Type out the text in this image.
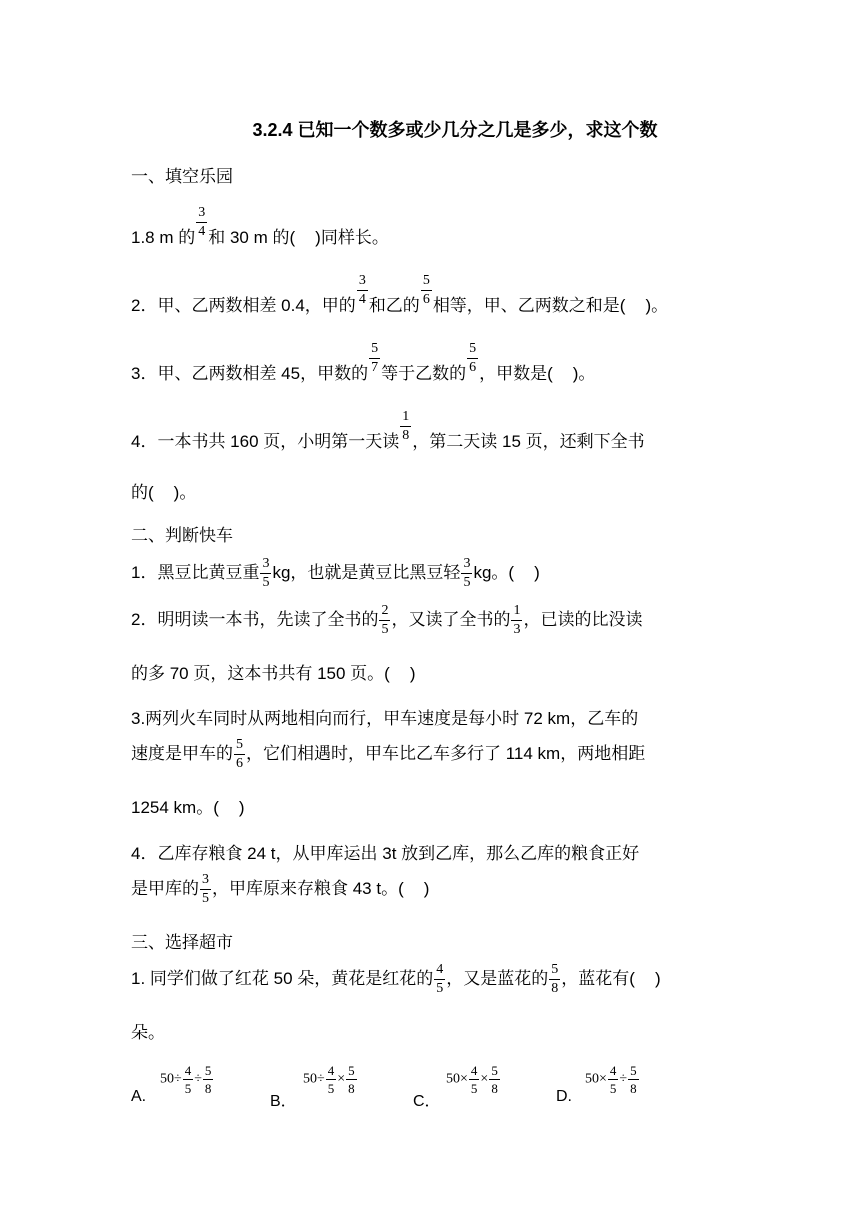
3.2.4 已知一个数多或少几分之几是多少，求这个数
一、填空乐园
1.8 m 的 $\frac{3}{4}$ 和 30 m 的( )同样长。
2．甲、乙两数相差 0.4，甲的 $\frac{3}{4}$ 和乙的 $\frac{5}{6}$ 相等，甲、乙两数之和是( )。
3．甲、乙两数相差 45，甲数的 $\frac{5}{7}$ 等于乙数的 $\frac{5}{6}$ ，甲数是( )。
4．一本书共 160 页，小明第一天读 $\frac{1}{8}$ ，第二天读 15 页，还剩下全书
的( )。
二、判断快车
1．黑豆比黄豆重 $\frac{3}{5}$ kg，也就是黄豆比黑豆轻 $\frac{3}{5}$ kg。( )
2．明明读一本书，先读了全书的 $\frac{2}{5}$ ，又读了全书的 $\frac{1}{3}$ ，已读的比没读
的多 70 页，这本书共有 150 页。( )
3.两列火车同时从两地相向而行，甲车速度是每小时 72 km，乙车的
速度是甲车的 $\frac{5}{6}$ ，它们相遇时，甲车比乙车多行了 114 km，两地相距
1254 km。( )
4．乙库存粮食 24 t，从甲库运出 3t 放到乙库，那么乙库的粮食正好
是甲库的 $\frac{3}{5}$ ，甲库原来存粮食 43 t。( )
三、选择超市
1. 同学们做了红花 50 朵，黄花是红花的 $\frac{4}{5}$ ，又是蓝花的 $\frac{5}{8}$ ，蓝花有( )
朵。
A.
$50\div \frac{4}{5} \div \frac{5}{8}$
B．
$50\div \frac{4}{5} \times \frac{5}{8}$
C．
$50\times \frac{4}{5} \times \frac{5}{8}$
D.
$50\times \frac{4}{5} \div \frac{5}{8}$
